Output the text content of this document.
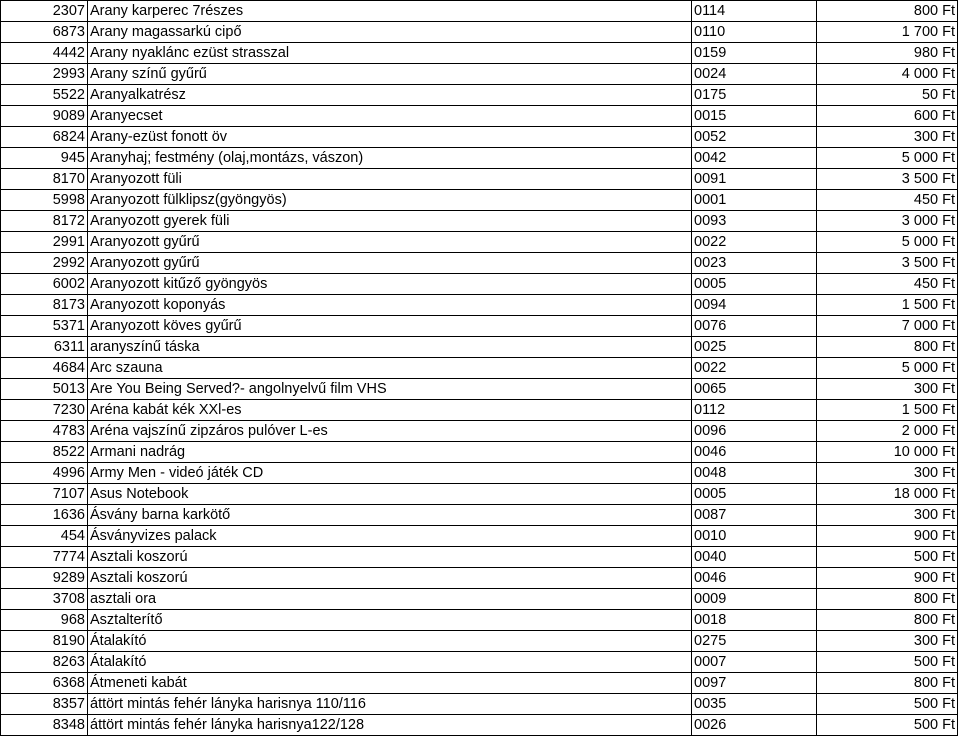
2307	Arany karperec 7részes	0114	800 Ft
6873	Arany magassarkú cipő	0110	1 700 Ft
4442	Arany nyaklánc ezüst strasszal	0159	980 Ft
2993	Arany színű gyűrű	0024	4 000 Ft
5522	Aranyalkatrész	0175	50 Ft
9089	Aranyecset	0015	600 Ft
6824	Arany-ezüst fonott öv	0052	300 Ft
945	Aranyhaj; festmény (olaj,montázs, vászon)	0042	5 000 Ft
8170	Aranyozott füli	0091	3 500 Ft
5998	Aranyozott fülklipsz(gyöngyös)	0001	450 Ft
8172	Aranyozott gyerek füli	0093	3 000 Ft
2991	Aranyozott gyűrű	0022	5 000 Ft
2992	Aranyozott gyűrű	0023	3 500 Ft
6002	Aranyozott kitűző gyöngyös	0005	450 Ft
8173	Aranyozott koponyás	0094	1 500 Ft
5371	Aranyozott köves gyűrű	0076	7 000 Ft
6311	aranyszínű táska	0025	800 Ft
4684	Arc szauna	0022	5 000 Ft
5013	Are You Being Served?- angolnyelvű film VHS	0065	300 Ft
7230	Aréna kabát kék XXl-es	0112	1 500 Ft
4783	Aréna vajszínű zipzáros pulóver L-es	0096	2 000 Ft
8522	Armani nadrág	0046	10 000 Ft
4996	Army Men - videó játék CD	0048	300 Ft
7107	Asus Notebook	0005	18 000 Ft
1636	Ásvány barna karkötő	0087	300 Ft
454	Ásványvizes palack	0010	900 Ft
7774	Asztali koszorú	0040	500 Ft
9289	Asztali koszorú	0046	900 Ft
3708	asztali ora	0009	800 Ft
968	Asztalterítő	0018	800 Ft
8190	Átalakító	0275	300 Ft
8263	Átalakító	0007	500 Ft
6368	Átmeneti kabát	0097	800 Ft
8357	áttört mintás fehér lányka harisnya 110/116	0035	500 Ft
8348	áttört mintás fehér lányka harisnya122/128	0026	500 Ft
